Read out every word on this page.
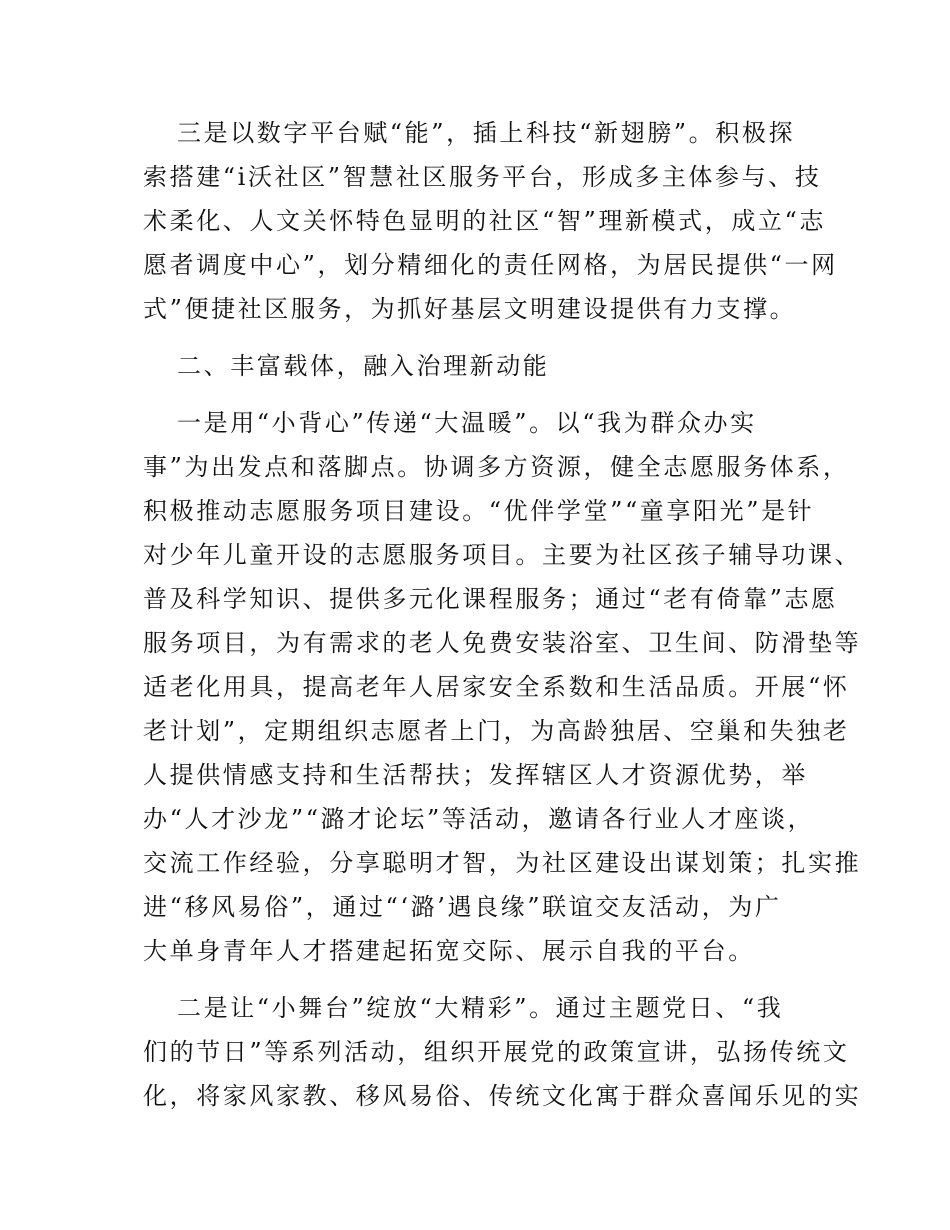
三是以数字平台赋“能”，插上科技“新翅膀”。积极探
索搭建“i沃社区”智慧社区服务平台，形成多主体参与、技
术柔化、人文关怀特色显明的社区“智”理新模式，成立“志
愿者调度中心”，划分精细化的责任网格，为居民提供“一网
式”便捷社区服务，为抓好基层文明建设提供有力支撑。
二、丰富载体，融入治理新动能
一是用“小背心”传递“大温暖”。以“我为群众办实
事”为出发点和落脚点。协调多方资源，健全志愿服务体系，
积极推动志愿服务项目建设。“优伴学堂”“童享阳光”是针
对少年儿童开设的志愿服务项目。主要为社区孩子辅导功课、
普及科学知识、提供多元化课程服务；通过“老有倚靠”志愿
服务项目，为有需求的老人免费安装浴室、卫生间、防滑垫等
适老化用具，提高老年人居家安全系数和生活品质。开展“怀
老计划”，定期组织志愿者上门，为高龄独居、空巢和失独老
人提供情感支持和生活帮扶；发挥辖区人才资源优势，举
办“人才沙龙”“潞才论坛”等活动，邀请各行业人才座谈，
交流工作经验，分享聪明才智，为社区建设出谋划策；扎实推
进“移风易俗”，通过“‘潞’遇良缘”联谊交友活动，为广
大单身青年人才搭建起拓宽交际、展示自我的平台。
二是让“小舞台”绽放“大精彩”。通过主题党日、“我
们的节日”等系列活动，组织开展党的政策宣讲，弘扬传统文
化，将家风家教、移风易俗、传统文化寓于群众喜闻乐见的实
